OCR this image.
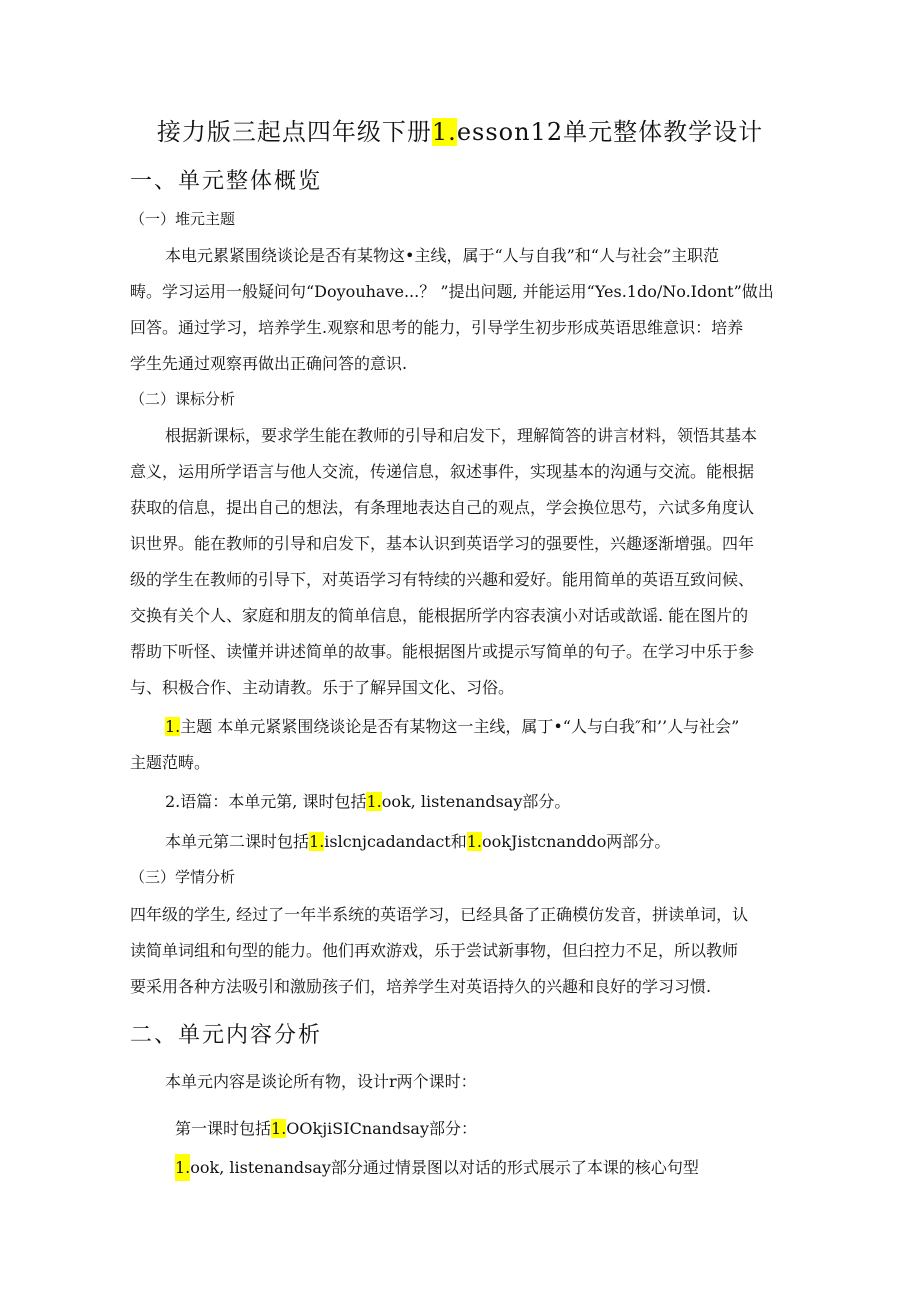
接力版三起点四年级下册1.esson12单元整体教学设计
一、单元整体概览
（一）堆元主题
本电元累紧围绕谈论是否有某物这•主线，属于“人与自我”和“人与社会”主职范
畴。学习运用一般疑问句“Doyouhave...？ ”提出问题, 并能运用“Yes.1do∕No.Idont”做出
回答。通过学习，培养学生.观察和思考的能力，引导学生初步形成英语思维意识：培养
学生先通过观察再做出正确问答的意识.
（二）课标分析
根据新课标，要求学生能在教师的引导和启发下，理解简答的讲言材料，领悟其基本
意义，运用所学语言与他人交流，传递信息，叙述事件，实现基本的沟通与交流。能根据
获取的信息，提出自己的想法，有条理地表达自己的观点，学会换位思芍，六试多角度认
识世界。能在教师的引导和启发下，基本认识到英语学习的强要性，兴趣逐渐增强。四年
级的学生在教师的引导下，对英语学习有特续的兴趣和爱好。能用简单的英语互致问候、
交换有关个人、家庭和朋友的简单信息，能根据所学内容表演小对话或歆谣. 能在图片的
帮助下听怪、读懂并讲述简单的故事。能根据图片或提示写简单的句子。在学习中乐于参
与、积极合作、主动请教。乐于了解异国文化、习俗。
1.主题 本单元紧紧围绕谈论是否有某物这一主线，属丁•“人与白我″和’’人与社会”
主题范畴。
2.语篇：本单元第, 课时包括1.ook, listenandsay部分。
本单元第二课时包括1.islcnjcadandact和1.ookJistcnanddo两部分。
（三）学情分析
四年级的学生, 经过了一年半系统的英语学习，已经具备了正确模仿发音，拼读单词，认
读简单词组和句型的能力。他们再欢游戏，乐于尝试新事物，但臼控力不足，所以教师
要采用各种方法吸引和激励孩子们，培养学生对英语持久的兴趣和良好的学习习惯.
二、单元内容分析
本单元内容是谈论所有物，设计r两个课时：
第一课时包括1.OOkjiSICnandsay部分：
1.ook, listenandsay部分通过情景图以对话的形式展示了本课的核心句型
